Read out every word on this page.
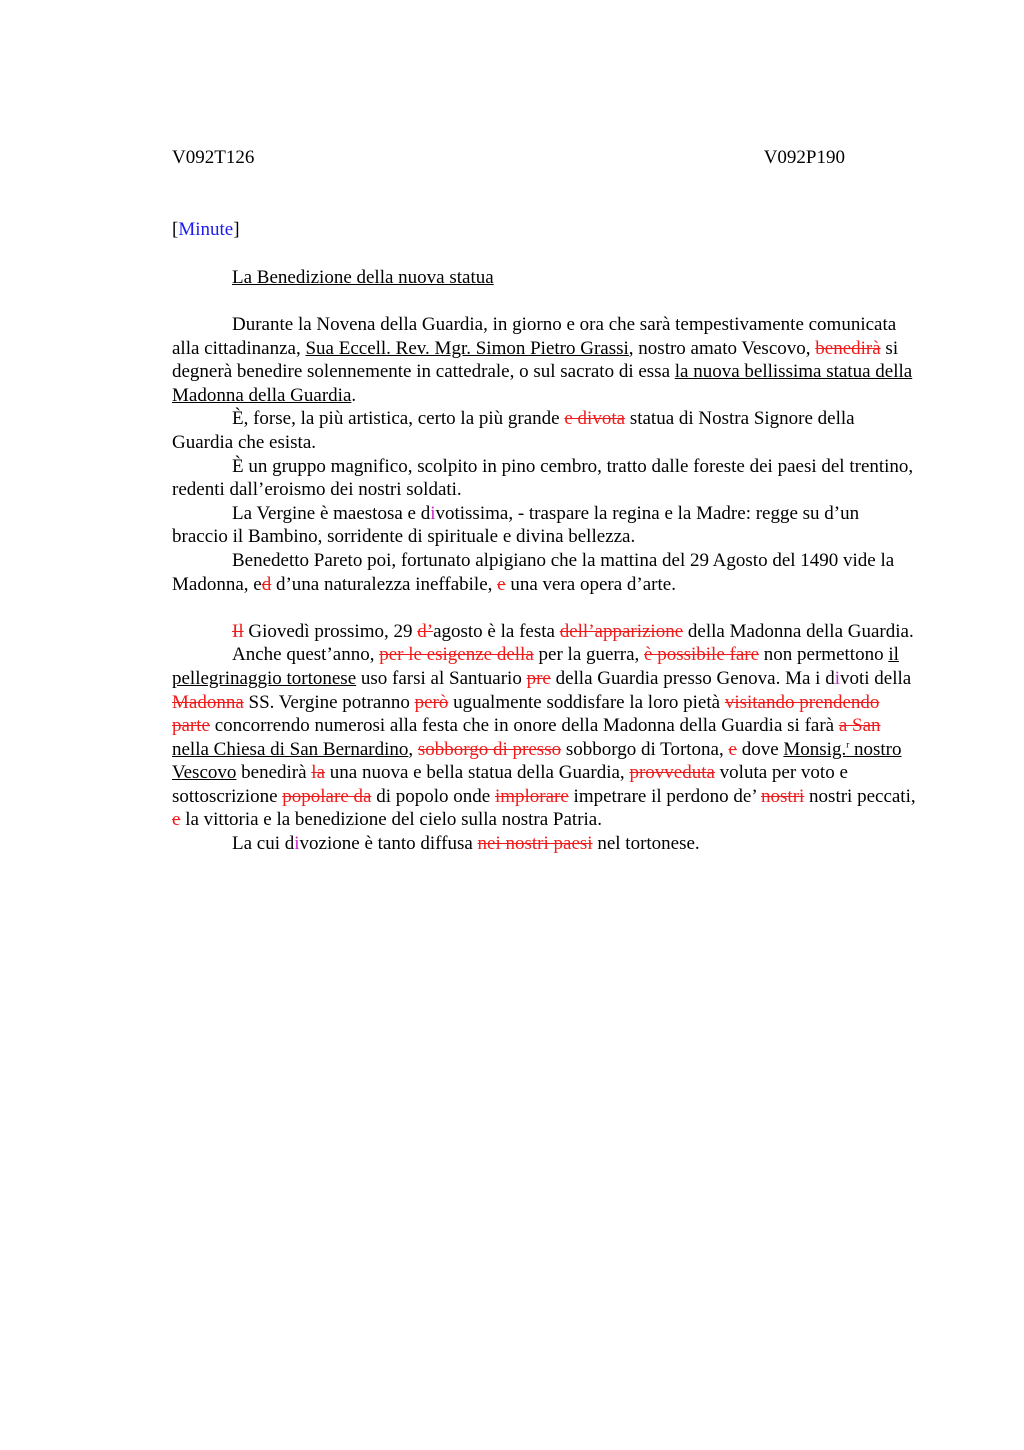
V092T126	V092P190
[Minute]
La Benedizione della nuova statua

Durante la Novena della Guardia, in giorno e ora che sarà tempestivamente comunicata alla cittadinanza, Sua Eccell. Rev. Mgr. Simon Pietro Grassi, nostro amato Vescovo, benedirà si degnerà benedire solennemente in cattedrale, o sul sacrato di essa la nuova bellissima statua della Madonna della Guardia.

È, forse, la più artistica, certo la più grande e divota statua di Nostra Signore della Guardia che esista.

È un gruppo magnifico, scolpito in pino cembro, tratto dalle foreste dei paesi del trentino, redenti dall’eroismo dei nostri soldati.

La Vergine è maestosa e divotissima, - traspare la regina e la Madre: regge su d’un braccio il Bambino, sorridente di spirituale e divina bellezza.

Benedetto Pareto poi, fortunato alpigiano che la mattina del 29 Agosto del 1490 vide la Madonna, ed d’una naturalezza ineffabile, e una vera opera d’arte.

Il Giovedì prossimo, 29 d’agosto è la festa dell’apparizione della Madonna della Guardia.

Anche quest’anno, per le esigenze della per la guerra, è possibile fare non permettono il pellegrinaggio tortonese uso farsi al Santuario pre della Guardia presso Genova. Ma i divoti della Madonna SS. Vergine potranno però ugualmente soddisfare la loro pietà visitando prendendo parte concorrendo numerosi alla festa che in onore della Madonna della Guardia si farà a San nella Chiesa di San Bernardino, sobborgo di presso sobborgo di Tortona, e dove Monsig.$^r$ nostro Vescovo benedirà la una nuova e bella statua della Guardia, provveduta voluta per voto e sottoscrizione popolare da di popolo onde implorare impetrare il perdono de’ nostri nostri peccati, e la vittoria e la benedizione del cielo sulla nostra Patria.

La cui divozione è tanto diffusa nei nostri paesi nel tortonese.
